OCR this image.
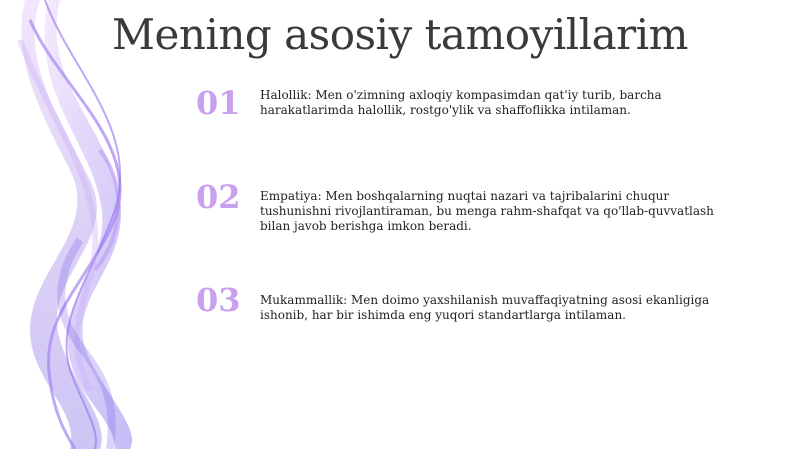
Mening asosiy tamoyillarim
01	Halollik: Men o'zimning axloqiy kompasimdan qat'iy turib, barcha harakatlarimda halollik, rostgo'ylik va shaffoflikka intilaman.
02	Empatiya: Men boshqalarning nuqtai nazari va tajribalarini chuqur tushunishni rivojlantiraman, bu menga rahm-shafqat va qo'llab-quvvatlash bilan javob berishga imkon beradi.
03	Mukammallik: Men doimo yaxshilanish muvaffaqiyatning asosi ekanligiga ishonib, har bir ishimda eng yuqori standartlarga intilaman.
